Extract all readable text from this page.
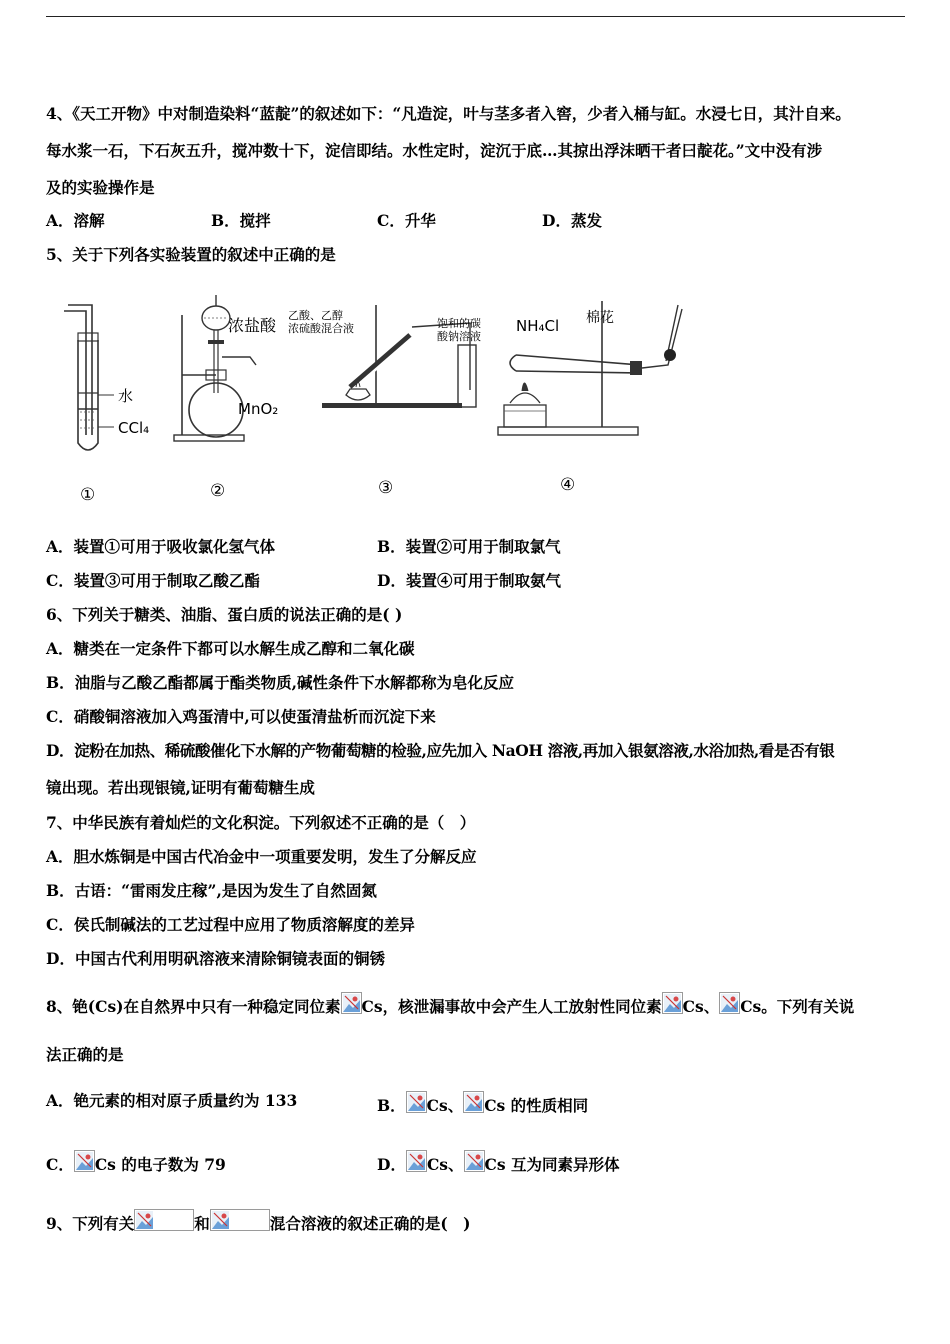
4、《天工开物》中对制造染料“蓝靛”的叙述如下：“凡造淀，叶与茎多者入窖，少者入桶与缸。水浸七日，其汁自来。
每水浆一石，下石灰五升，搅冲数十下，淀信即结。水性定时，淀沉于底…其掠出浮沫晒干者曰靛花。”文中没有涉
及的实验操作是
A．溶解	B．搅拌	C．升华	D．蒸发
5、关于下列各实验装置的叙述中正确的是
水
CCl₄
①
浓盐酸
MnO₂
②
乙酸、乙醇
浓硫酸混合液	饱和的碳
酸钠溶液
③
NH₄Cl 棉花
④
A．装置①可用于吸收氯化氢气体	B．装置②可用于制取氯气
C．装置③可用于制取乙酸乙酯	D．装置④可用于制取氨气
6、下列关于糖类、油脂、蛋白质的说法正确的是( )
A．糖类在一定条件下都可以水解生成乙醇和二氧化碳
B．油脂与乙酸乙酯都属于酯类物质,碱性条件下水解都称为皂化反应
C．硝酸铜溶液加入鸡蛋清中,可以使蛋清盐析而沉淀下来
D．淀粉在加热、稀硫酸催化下水解的产物葡萄糖的检验,应先加入 NaOH 溶液,再加入银氨溶液,水浴加热,看是否有银
镜出现。若出现银镜,证明有葡萄糖生成
7、中华民族有着灿烂的文化积淀。下列叙述不正确的是（　）
A．胆水炼铜是中国古代冶金中一项重要发明，发生了分解反应
B．古语：“雷雨发庄稼”,是因为发生了自然固氮
C．侯氏制碱法的工艺过程中应用了物质溶解度的差异
D．中国古代利用明矾溶液来清除铜镜表面的铜锈
8、铯(Cs)在自然界中只有一种稳定同位素 Cs，核泄漏事故中会产生人工放射性同位素 Cs、 Cs。下列有关说
法正确的是
A．铯元素的相对原子质量约为 133	B． Cs、 Cs 的性质相同
C． Cs 的电子数为 79	D． Cs、 Cs 互为同素异形体
9、下列有关	和	混合溶液的叙述正确的是(　)
